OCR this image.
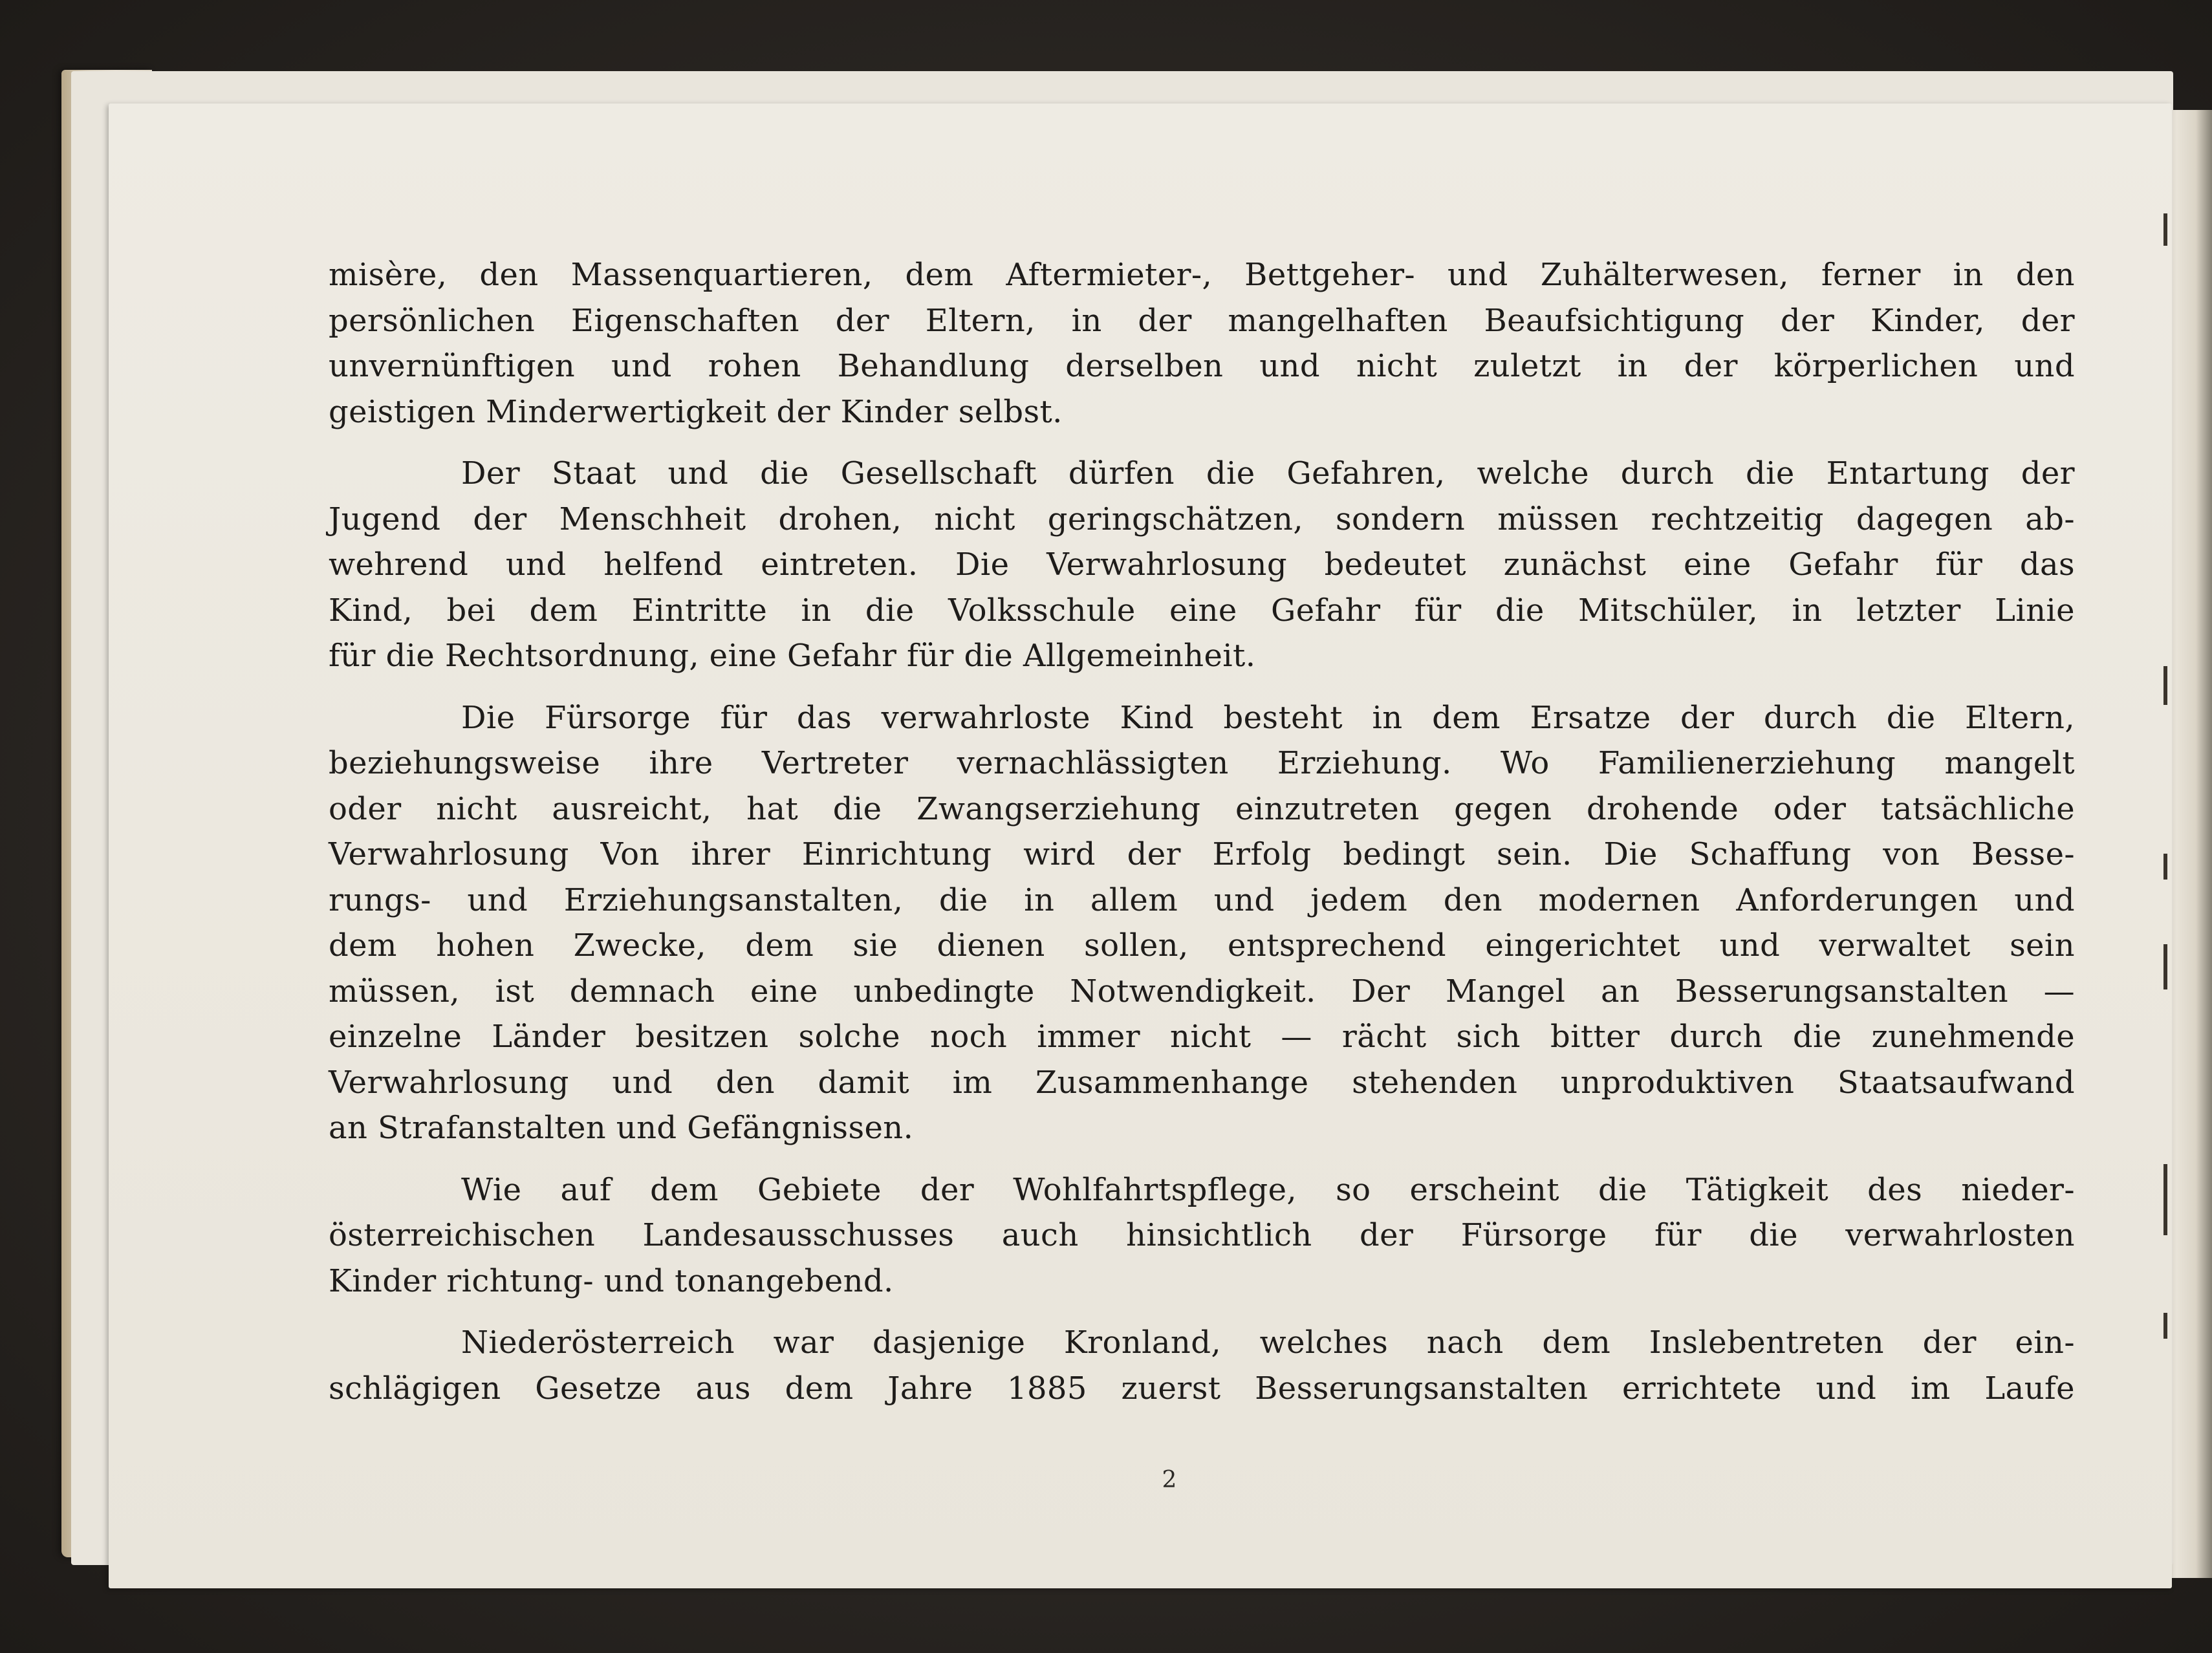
misère, den Massenquartieren, dem Aftermieter-, Bettgeher- und Zuhälterwesen, ferner in den
persönlichen Eigenschaften der Eltern, in der mangelhaften Beaufsichtigung der Kinder, der
unvernünftigen und rohen Behandlung derselben und nicht zuletzt in der körperlichen und
geistigen Minderwertigkeit der Kinder selbst.
Der Staat und die Gesellschaft dürfen die Gefahren, welche durch die Entartung der
Jugend der Menschheit drohen, nicht geringschätzen, sondern müssen rechtzeitig dagegen ab-
wehrend und helfend eintreten. Die Verwahrlosung bedeutet zunächst eine Gefahr für das
Kind, bei dem Eintritte in die Volksschule eine Gefahr für die Mitschüler, in letzter Linie
für die Rechtsordnung, eine Gefahr für die Allgemeinheit.
Die Fürsorge für das verwahrloste Kind besteht in dem Ersatze der durch die Eltern,
beziehungsweise ihre Vertreter vernachlässigten Erziehung. Wo Familienerziehung mangelt
oder nicht ausreicht, hat die Zwangserziehung einzutreten gegen drohende oder tatsächliche
Verwahrlosung Von ihrer Einrichtung wird der Erfolg bedingt sein. Die Schaffung von Besse-
rungs- und Erziehungsanstalten, die in allem und jedem den modernen Anforderungen und
dem hohen Zwecke, dem sie dienen sollen, entsprechend eingerichtet und verwaltet sein
müssen, ist demnach eine unbedingte Notwendigkeit. Der Mangel an Besserungsanstalten —
einzelne Länder besitzen solche noch immer nicht — rächt sich bitter durch die zunehmende
Verwahrlosung und den damit im Zusammenhange stehenden unproduktiven Staatsaufwand
an Strafanstalten und Gefängnissen.
Wie auf dem Gebiete der Wohlfahrtspflege, so erscheint die Tätigkeit des nieder-
österreichischen Landesausschusses auch hinsichtlich der Fürsorge für die verwahrlosten
Kinder richtung- und tonangebend.
Niederösterreich war dasjenige Kronland, welches nach dem Inslebentreten der ein-
schlägigen Gesetze aus dem Jahre 1885 zuerst Besserungsanstalten errichtete und im Laufe
2
